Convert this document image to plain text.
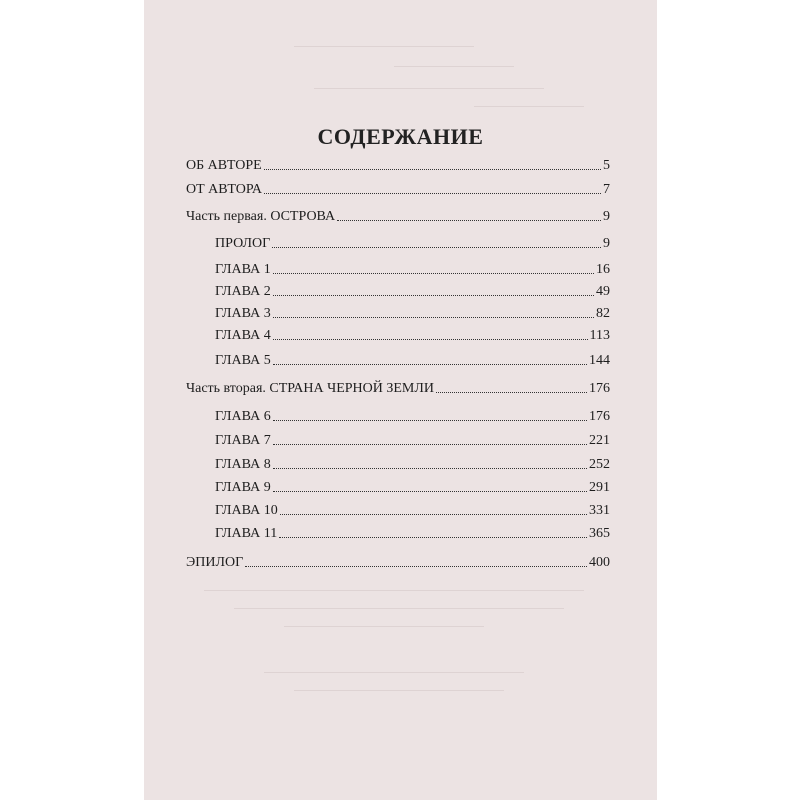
СОДЕРЖАНИЕ
ОБ АВТОРЕ	5
ОТ АВТОРА	7
Часть первая. ОСТРОВА	9
ПРОЛОГ	9
ГЛАВА 1	16
ГЛАВА 2	49
ГЛАВА 3	82
ГЛАВА 4	113
ГЛАВА 5	144
Часть вторая. СТРАНА ЧЕРНОЙ ЗЕМЛИ	176
ГЛАВА 6	176
ГЛАВА 7	221
ГЛАВА 8	252
ГЛАВА 9	291
ГЛАВА 10	331
ГЛАВА 11	365
ЭПИЛОГ	400
